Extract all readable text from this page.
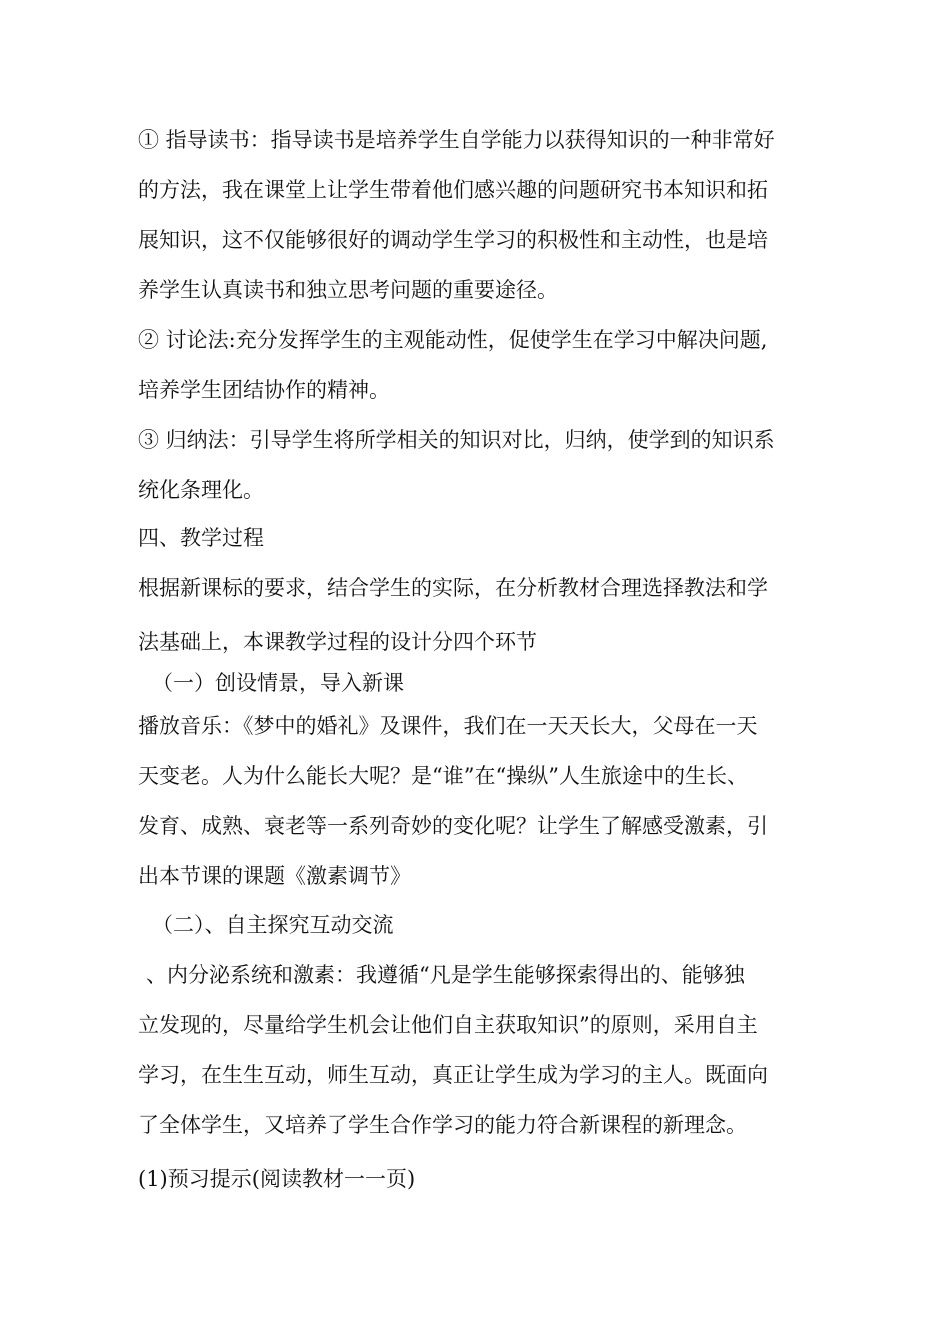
① 指导读书：指导读书是培养学生自学能力以获得知识的一种非常好
的方法，我在课堂上让学生带着他们感兴趣的问题研究书本知识和拓
展知识，这不仅能够很好的调动学生学习的积极性和主动性，也是培
养学生认真读书和独立思考问题的重要途径。
② 讨论法:充分发挥学生的主观能动性，促使学生在学习中解决问题,
培养学生团结协作的精神。
③ 归纳法：引导学生将所学相关的知识对比，归纳，使学到的知识系
统化条理化。
四、教学过程
根据新课标的要求，结合学生的实际，在分析教材合理选择教法和学
法基础上，本课教学过程的设计分四个环节
（一）创设情景，导入新课
播放音乐：《梦中的婚礼》及课件，我们在一天天长大，父母在一天
天变老。人为什么能长大呢？是“谁”在“操纵”人生旅途中的生长、
发育、成熟、衰老等一系列奇妙的变化呢？让学生了解感受激素，引
出本节课的课题《激素调节》
（二）、自主探究互动交流
、内分泌系统和激素：我遵循“凡是学生能够探索得出的、能够独
立发现的，尽量给学生机会让他们自主获取知识”的原则，采用自主
学习，在生生互动，师生互动，真正让学生成为学习的主人。既面向
了全体学生，又培养了学生合作学习的能力符合新课程的新理念。
(1)预习提示(阅读教材一一页)
